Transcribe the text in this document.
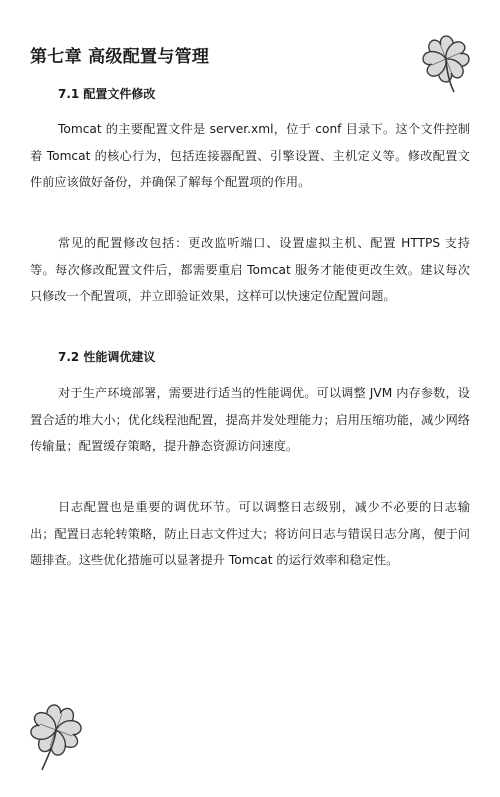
第七章 高级配置与管理
7.1 配置文件修改

Tomcat 的主要配置文件是 server.xml，位于 conf 目录下。这个文件控制着 Tomcat 的核心行为，包括连接器配置、引擎设置、主机定义等。修改配置文件前应该做好备份，并确保了解每个配置项的作用。

常见的配置修改包括：更改监听端口、设置虚拟主机、配置 HTTPS 支持等。每次修改配置文件后，都需要重启 Tomcat 服务才能使更改生效。建议每次只修改一个配置项，并立即验证效果，这样可以快速定位配置问题。

7.2 性能调优建议

对于生产环境部署，需要进行适当的性能调优。可以调整 JVM 内存参数，设置合适的堆大小；优化线程池配置，提高并发处理能力；启用压缩功能，减少网络传输量；配置缓存策略，提升静态资源访问速度。

日志配置也是重要的调优环节。可以调整日志级别，减少不必要的日志输出；配置日志轮转策略，防止日志文件过大；将访问日志与错误日志分离，便于问题排查。这些优化措施可以显著提升 Tomcat 的运行效率和稳定性。
